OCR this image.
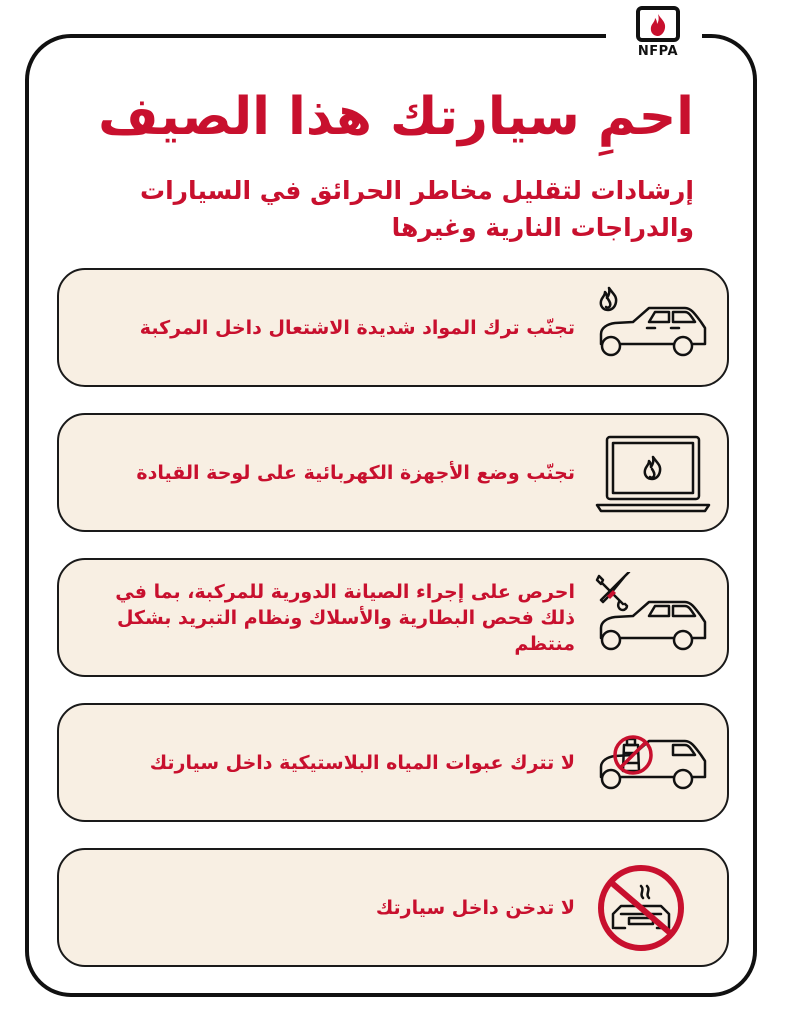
NFPA
احمِ سيارتك هذا الصيف
إرشادات لتقليل مخاطر الحرائق في السيارات والدراجات النارية وغيرها
تجنّب ترك المواد شديدة الاشتعال داخل المركبة
تجنّب وضع الأجهزة الكهربائية على لوحة القيادة
احرص على إجراء الصيانة الدورية للمركبة، بما في ذلك فحص البطارية والأسلاك ونظام التبريد بشكل منتظم
لا تترك عبوات المياه البلاستيكية داخل سيارتك
لا تدخن داخل سيارتك
